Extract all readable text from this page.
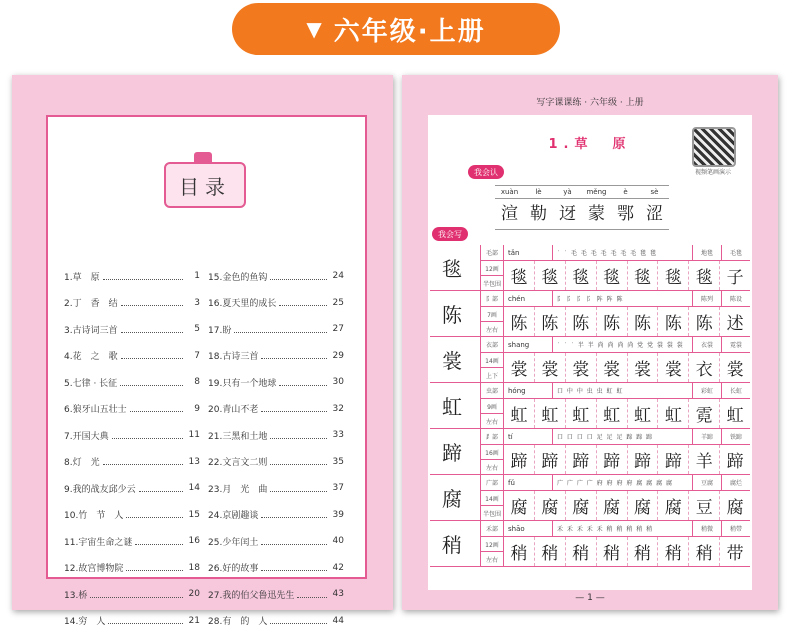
▼ 六年级·上册
目录
1.草　原	1 15.金色的鱼钩	24
2.丁　香　结	3 16.夏天里的成长	25
3.古诗词三首	5 17.盼	27
4.花　之　歌	7 18.古诗三首	29
5.七律 · 长征	8 19.只有一个地球	30
6.狼牙山五壮士	9 20.青山不老	32
7.开国大典	11 21.三黑和土地	33
8.灯　光	13 22.文言文二则	35
9.我的战友邱少云	14 23.月　光　曲	37
10.竹　节　人	15 24.京剧趣谈	39
11.宇宙生命之谜	16 25.少年闰土	40
12.故宫博物院	18 26.好的故事	42
13.桥	20 27.我的伯父鲁迅先生	43
14.穷　人	21 28.有　的　人	44
写字课课练 · 六年级 · 上册
1.草　原
视频笔画演示
我会认
xuàn
渲
lè
勒
yà
迓
měng
蒙
è
鄂
sè
涩
我会写
毯
毛部	tǎn	˙ ˙ 毛 毛 毛 毛 毛 毛 毛 毯 毯	地毯	毛毯
12画
半包围 毯 毯 毯 毯 毯 毯 毯 子
陈
阝部	chén	阝 阝 阝 阝 阵 阵 陈	陈列	陈设
7画
左右 陈 陈 陈 陈 陈 陈 陈 述
裳
衣部	shang	˙ ˙ ˙ 半 半 尚 尚 尚 尚 党 党 裳 裳 裳	衣裳	霓裳
14画
上下 裳 裳 裳 裳 裳 裳 衣 裳
虹
虫部	hóng	口 中 中 虫 虫 虹 虹	彩虹	长虹
9画
左右 虹 虹 虹 虹 虹 虹 霓 虹
蹄
⻊部	tí	口 口 口 口 足 足 足 蹄 蹄 蹄	羊蹄	铁蹄
16画
左右 蹄 蹄 蹄 蹄 蹄 蹄 羊 蹄
腐
广部	fǔ	广 广 广 广 府 府 府 府 腐 腐 腐 腐	豆腐	腐烂
14画
半包围 腐 腐 腐 腐 腐 腐 豆 腐
稍
禾部	shāo	禾 禾 禾 禾 禾 稍 稍 稍 稍 稍	稍微	稍带
12画
左右 稍 稍 稍 稍 稍 稍 稍 带
— 1 —
